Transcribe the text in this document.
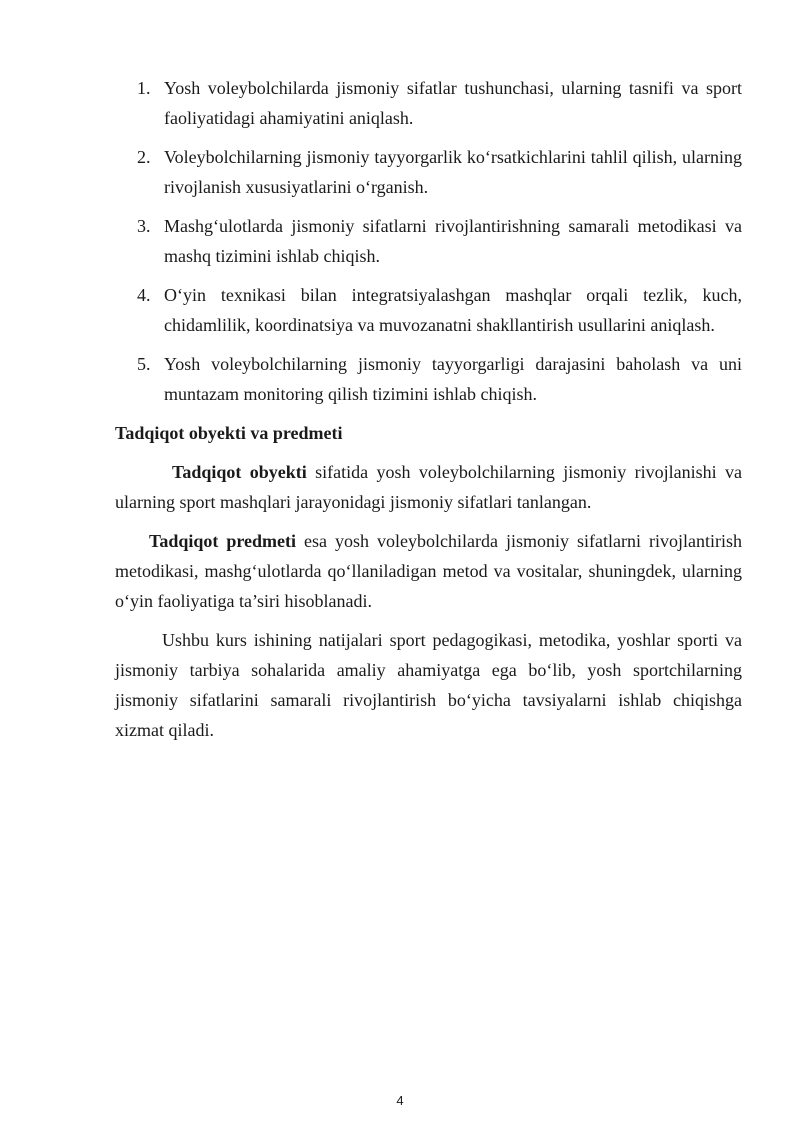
1. Yosh voleybolchilarda jismoniy sifatlar tushunchasi, ularning tasnifi va sport faoliyatidagi ahamiyatini aniqlash.
2. Voleybolchilarning jismoniy tayyorgarlik ko‘rsatkichlarini tahlil qilish, ularning rivojlanish xususiyatlarini o‘rganish.
3. Mashg‘ulotlarda jismoniy sifatlarni rivojlantirishning samarali metodikasi va mashq tizimini ishlab chiqish.
4. O‘yin texnikasi bilan integratsiyalashgan mashqlar orqali tezlik, kuch, chidamlilik, koordinatsiya va muvozanatni shakllantirish usullarini aniqlash.
5. Yosh voleybolchilarning jismoniy tayyorgarligi darajasini baholash va uni muntazam monitoring qilish tizimini ishlab chiqish.
Tadqiqot obyekti va predmeti

Tadqiqot obyekti sifatida yosh voleybolchilarning jismoniy rivojlanishi va ularning sport mashqlari jarayonidagi jismoniy sifatlari tanlangan.

Tadqiqot predmeti esa yosh voleybolchilarda jismoniy sifatlarni rivojlantirish metodikasi, mashg‘ulotlarda qo‘llaniladigan metod va vositalar, shuningdek, ularning o‘yin faoliyatiga ta’siri hisoblanadi.

Ushbu kurs ishining natijalari sport pedagogikasi, metodika, yoshlar sporti va jismoniy tarbiya sohalarida amaliy ahamiyatga ega bo‘lib, yosh sportchilarning jismoniy sifatlarini samarali rivojlantirish bo‘yicha tavsiyalarni ishlab chiqishga xizmat qiladi.

4
